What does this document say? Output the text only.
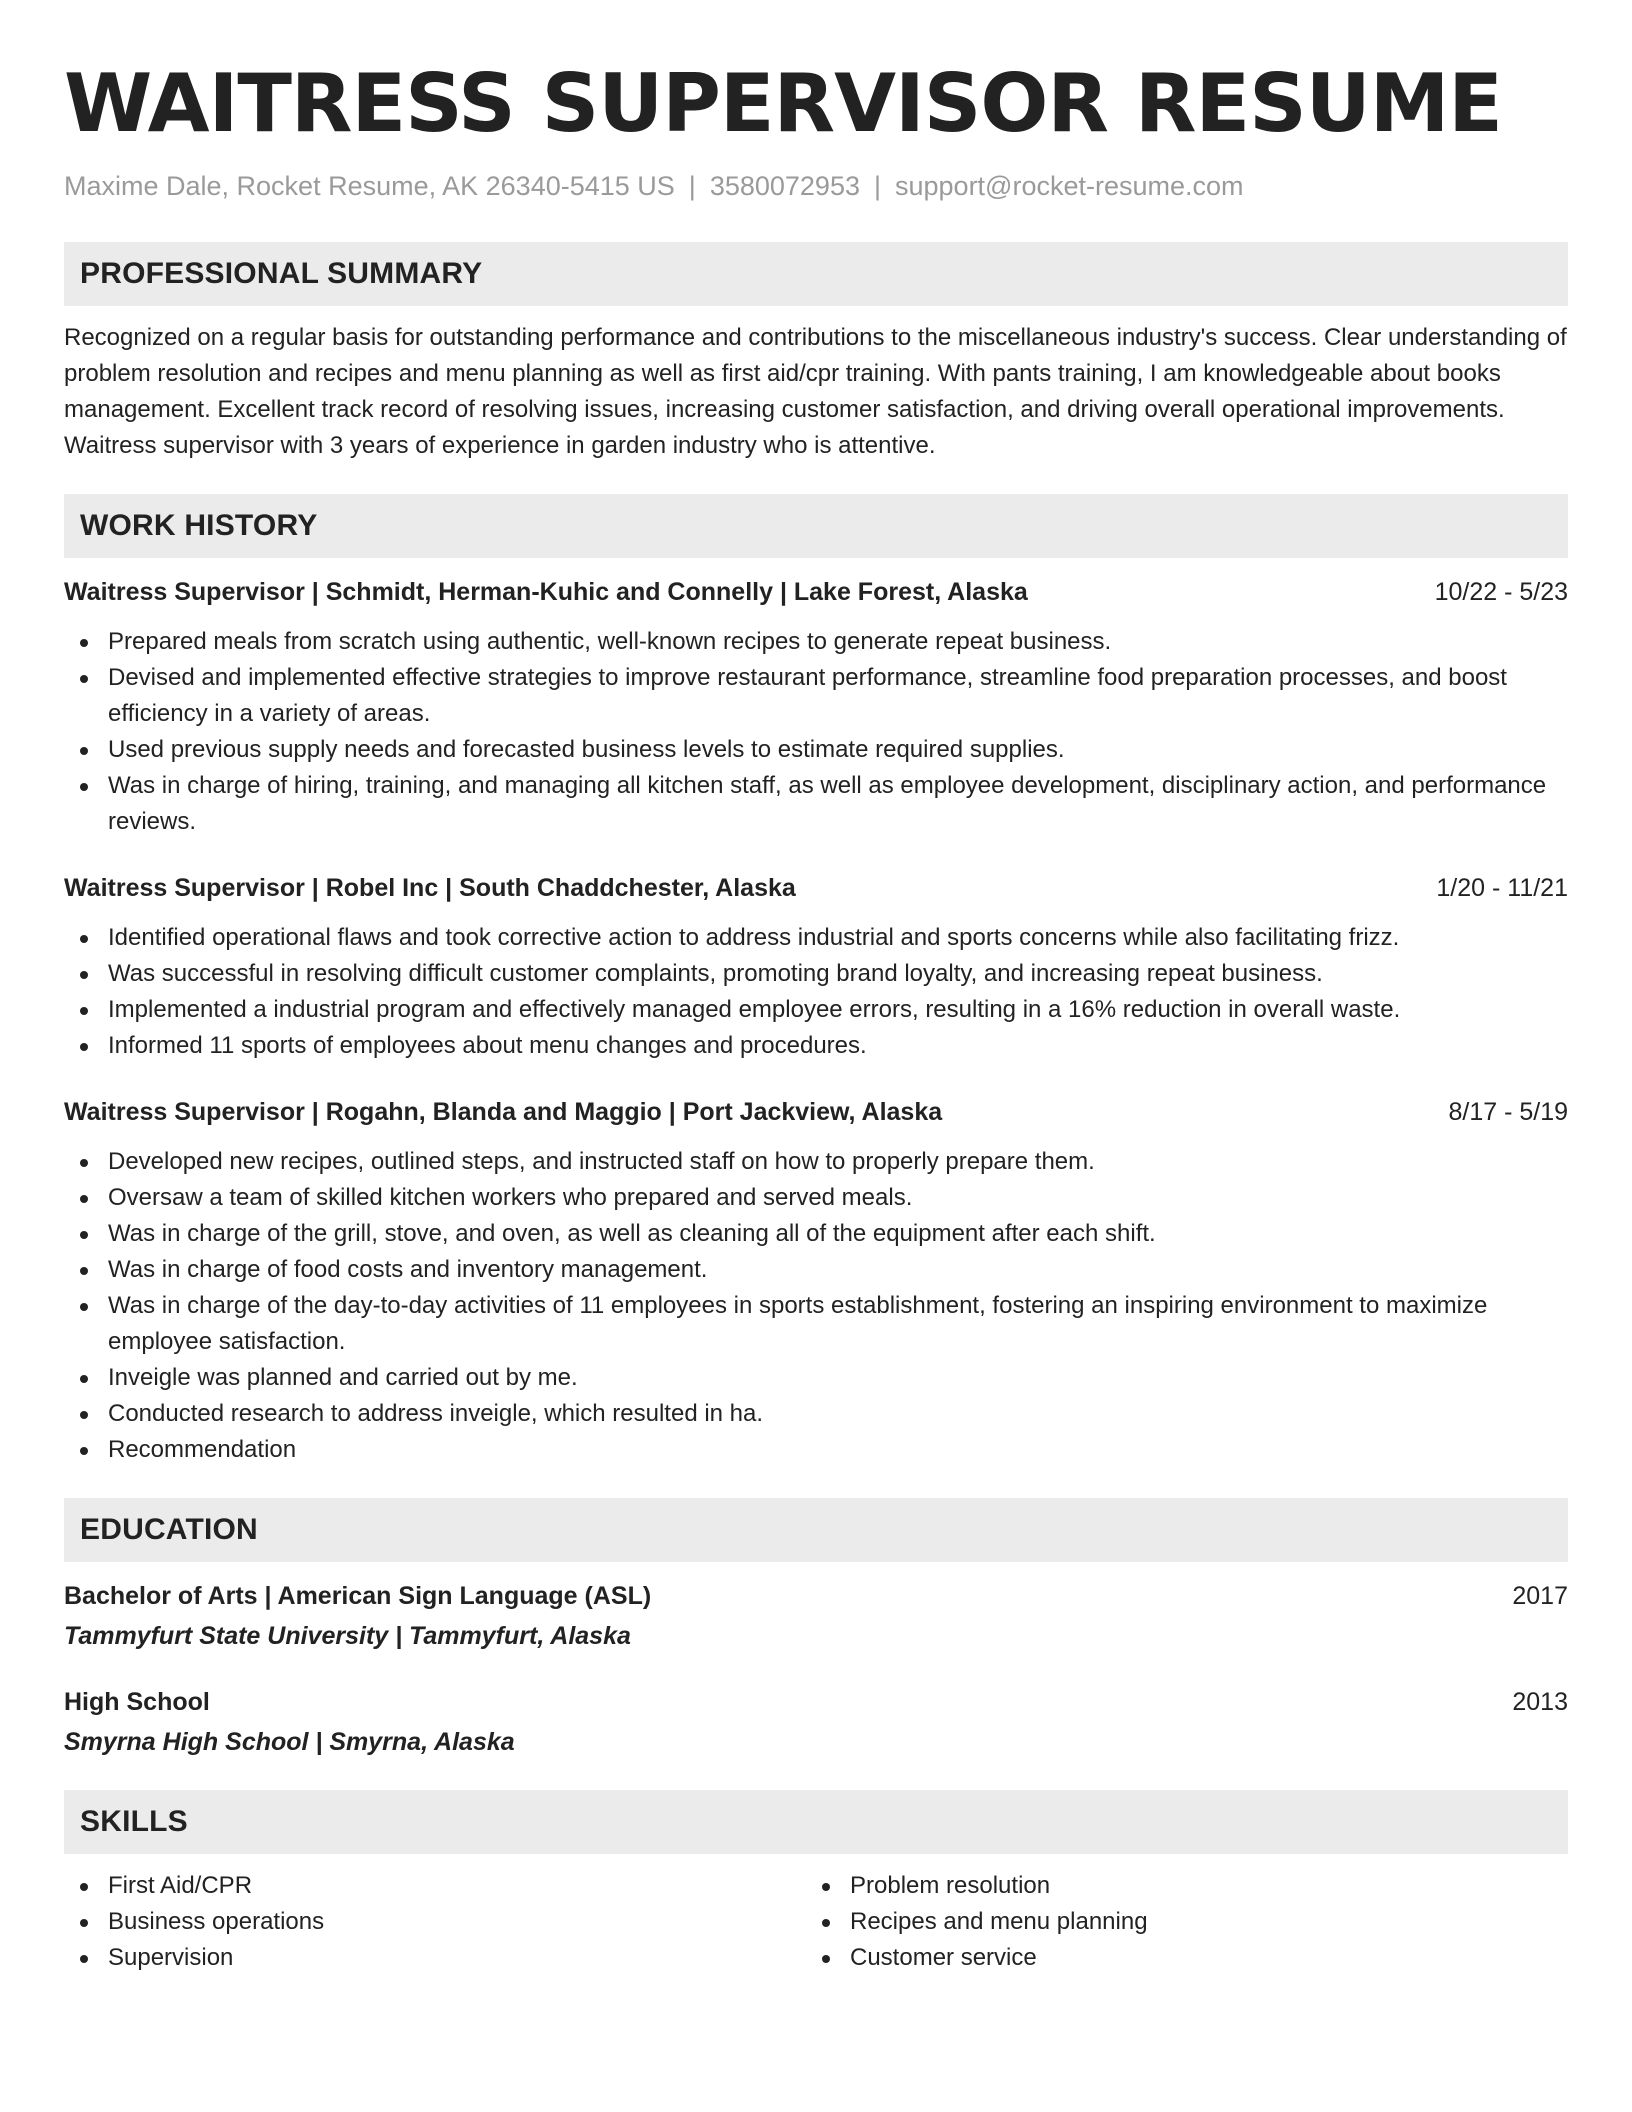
WAITRESS SUPERVISOR RESUME
Maxime Dale, Rocket Resume, AK 26340-5415 US | 3580072953 | support@rocket-resume.com
PROFESSIONAL SUMMARY

Recognized on a regular basis for outstanding performance and contributions to the miscellaneous industry's success. Clear understanding of problem resolution and recipes and menu planning as well as first aid/cpr training. With pants training, I am knowledgeable about books management. Excellent track record of resolving issues, increasing customer satisfaction, and driving overall operational improvements. Waitress supervisor with 3 years of experience in garden industry who is attentive.

WORK HISTORY
Waitress Supervisor | Schmidt, Herman-Kuhic and Connelly | Lake Forest, Alaska	10/22 - 5/23
Prepared meals from scratch using authentic, well-known recipes to generate repeat business.
Devised and implemented effective strategies to improve restaurant performance, streamline food preparation processes, and boost efficiency in a variety of areas.
Used previous supply needs and forecasted business levels to estimate required supplies.
Was in charge of hiring, training, and managing all kitchen staff, as well as employee development, disciplinary action, and performance reviews.
Waitress Supervisor | Robel Inc | South Chaddchester, Alaska	1/20 - 11/21
Identified operational flaws and took corrective action to address industrial and sports concerns while also facilitating frizz.
Was successful in resolving difficult customer complaints, promoting brand loyalty, and increasing repeat business.
Implemented a industrial program and effectively managed employee errors, resulting in a 16% reduction in overall waste.
Informed 11 sports of employees about menu changes and procedures.
Waitress Supervisor | Rogahn, Blanda and Maggio | Port Jackview, Alaska	8/17 - 5/19
Developed new recipes, outlined steps, and instructed staff on how to properly prepare them.
Oversaw a team of skilled kitchen workers who prepared and served meals.
Was in charge of the grill, stove, and oven, as well as cleaning all of the equipment after each shift.
Was in charge of food costs and inventory management.
Was in charge of the day-to-day activities of 11 employees in sports establishment, fostering an inspiring environment to maximize employee satisfaction.
Inveigle was planned and carried out by me.
Conducted research to address inveigle, which resulted in ha.
Recommendation
EDUCATION
Bachelor of Arts | American Sign Language (ASL)	2017
Tammyfurt State University | Tammyfurt, Alaska
High School	2013
Smyrna High School | Smyrna, Alaska
SKILLS
First Aid/CPR
Business operations
Supervision
Problem resolution
Recipes and menu planning
Customer service
